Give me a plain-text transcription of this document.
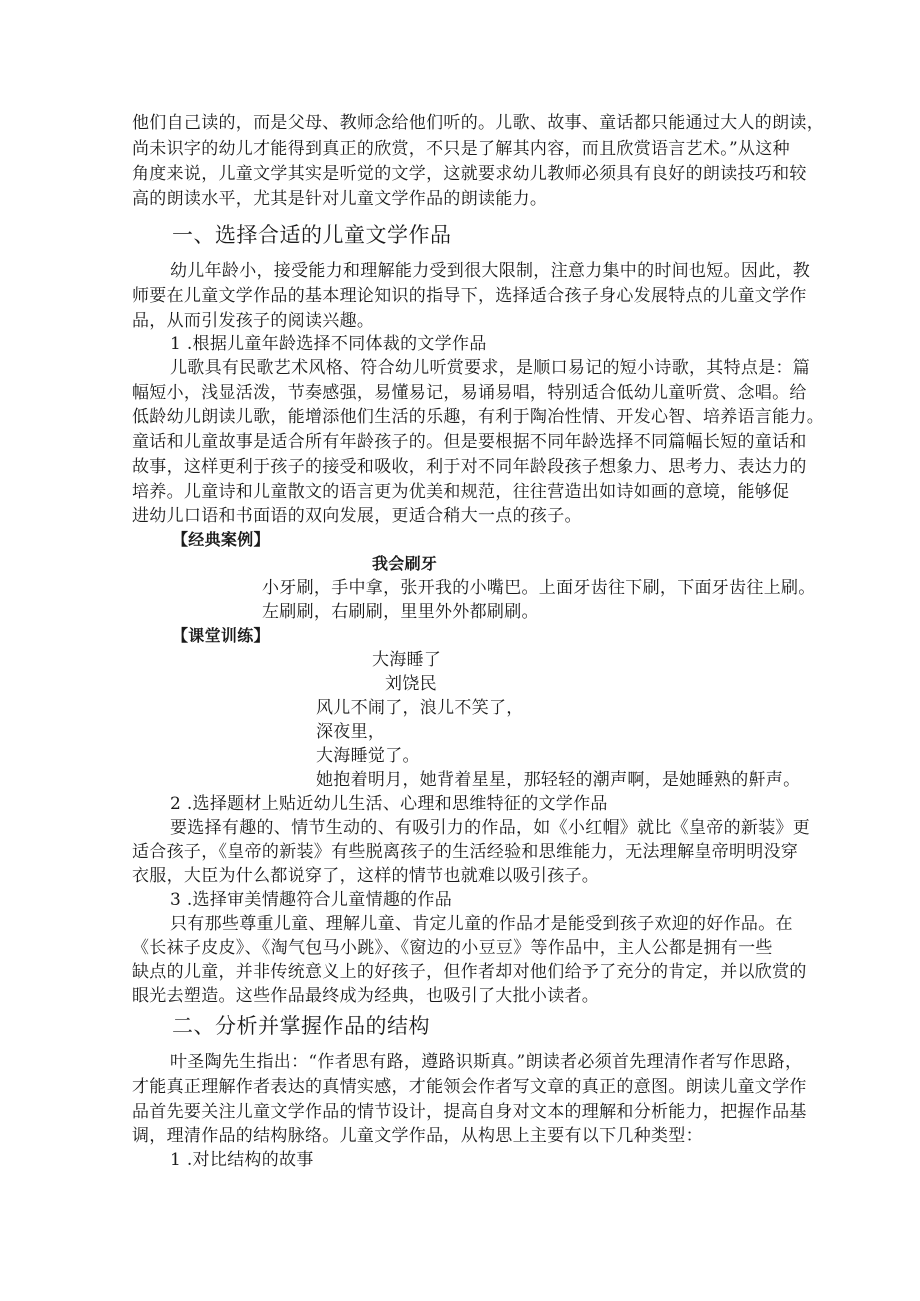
他们自己读的，而是父母、教师念给他们听的。儿歌、故事、童话都只能通过大人的朗读，
尚未识字的幼儿才能得到真正的欣赏，不只是了解其内容，而且欣赏语言艺术。”从这种
角度来说，儿童文学其实是听觉的文学，这就要求幼儿教师必须具有良好的朗读技巧和较
高的朗读水平，尤其是针对儿童文学作品的朗读能力。
一、选择合适的儿童文学作品
幼儿年龄小，接受能力和理解能力受到很大限制，注意力集中的时间也短。因此，教
师要在儿童文学作品的基本理论知识的指导下，选择适合孩子身心发展特点的儿童文学作
品，从而引发孩子的阅读兴趣。
1 .根据儿童年龄选择不同体裁的文学作品
儿歌具有民歌艺术风格、符合幼儿听赏要求，是顺口易记的短小诗歌，其特点是：篇
幅短小，浅显活泼，节奏感强，易懂易记，易诵易唱，特别适合低幼儿童听赏、念唱。给
低龄幼儿朗读儿歌，能增添他们生活的乐趣，有利于陶冶性情、开发心智、培养语言能力。
童话和儿童故事是适合所有年龄孩子的。但是要根据不同年龄选择不同篇幅长短的童话和
故事，这样更利于孩子的接受和吸收，利于对不同年龄段孩子想象力、思考力、表达力的
培养。儿童诗和儿童散文的语言更为优美和规范，往往营造出如诗如画的意境，能够促
进幼儿口语和书面语的双向发展，更适合稍大一点的孩子。
【经典案例】
我会刷牙
小牙刷，手中拿，张开我的小嘴巴。上面牙齿往下刷，下面牙齿往上刷。
左刷刷，右刷刷，里里外外都刷刷。
【课堂训练】
大海睡了
刘饶民
风儿不闹了，浪儿不笑了，
深夜里，
大海睡觉了。
她抱着明月，她背着星星，那轻轻的潮声啊，是她睡熟的鼾声。
2 .选择题材上贴近幼儿生活、心理和思维特征的文学作品
要选择有趣的、情节生动的、有吸引力的作品，如《小红帽》就比《皇帝的新装》更
适合孩子，《皇帝的新装》有些脱离孩子的生活经验和思维能力，无法理解皇帝明明没穿
衣服，大臣为什么都说穿了，这样的情节也就难以吸引孩子。
3 .选择审美情趣符合儿童情趣的作品
只有那些尊重儿童、理解儿童、肯定儿童的作品才是能受到孩子欢迎的好作品。在
《长袜子皮皮》、《淘气包马小跳》、《窗边的小豆豆》等作品中，主人公都是拥有一些
缺点的儿童，并非传统意义上的好孩子，但作者却对他们给予了充分的肯定，并以欣赏的
眼光去塑造。这些作品最终成为经典，也吸引了大批小读者。
二、分析并掌握作品的结构
叶圣陶先生指出：“作者思有路，遵路识斯真。”朗读者必须首先理清作者写作思路，
才能真正理解作者表达的真情实感，才能领会作者写文章的真正的意图。朗读儿童文学作
品首先要关注儿童文学作品的情节设计，提高自身对文本的理解和分析能力，把握作品基
调，理清作品的结构脉络。儿童文学作品，从构思上主要有以下几种类型：
1 .对比结构的故事
